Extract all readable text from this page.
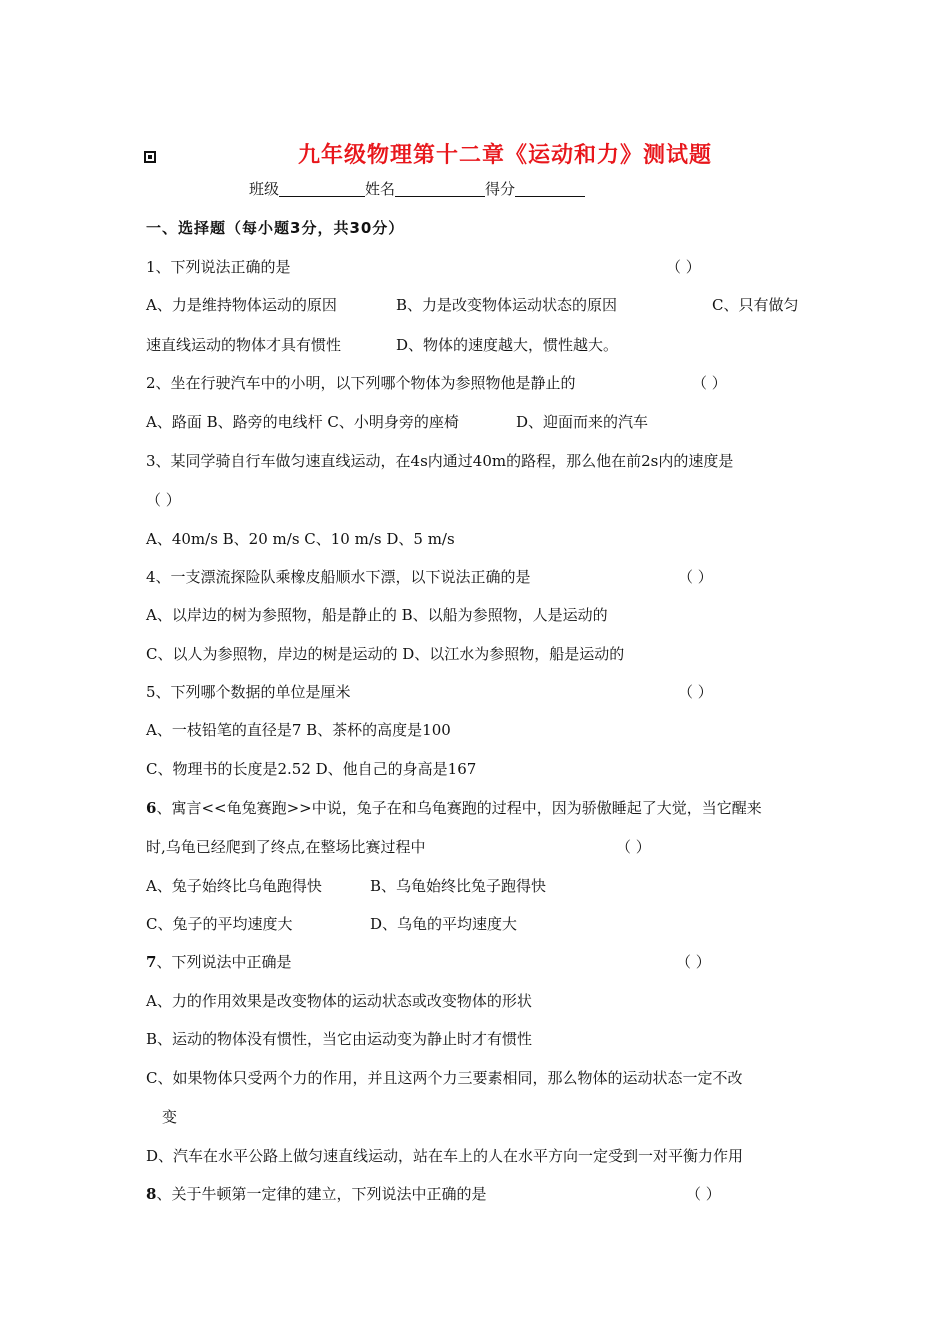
九年级物理第十二章《运动和力》测试题
班级	姓名	得分
一、选择题（每小题3分，共30分）
1、下列说法正确的是	（ ）
A、力是维持物体运动的原因	B、力是改变物体运动状态的原因	C、只有做匀
速直线运动的物体才具有惯性	D、物体的速度越大，惯性越大。
2、坐在行驶汽车中的小明，以下列哪个物体为参照物他是静止的	（ ）
A、路面 B、路旁的电线杆 C、小明身旁的座椅	D、迎面而来的汽车
3、某同学骑自行车做匀速直线运动，在4s内通过40m的路程，那么他在前2s内的速度是
（ ）
A、40m/s B、20 m/s C、10 m/s D、5 m/s
4、一支漂流探险队乘橡皮船顺水下漂，以下说法正确的是	（ ）
A、以岸边的树为参照物，船是静止的 B、以船为参照物，人是运动的
C、以人为参照物，岸边的树是运动的 D、以江水为参照物，船是运动的
5、下列哪个数据的单位是厘米	（ ）
A、一枝铅笔的直径是7 B、茶杯的高度是100
C、物理书的长度是2.52 D、他自己的身高是167
6、寓言<<龟兔赛跑>>中说，兔子在和乌龟赛跑的过程中，因为骄傲睡起了大觉，当它醒来
时,乌龟已经爬到了终点,在整场比赛过程中	（ ）
A、兔子始终比乌龟跑得快	B、乌龟始终比兔子跑得快
C、兔子的平均速度大	D、乌龟的平均速度大
7、下列说法中正确是	（ ）
A、力的作用效果是改变物体的运动状态或改变物体的形状
B、运动的物体没有惯性，当它由运动变为静止时才有惯性
C、如果物体只受两个力的作用，并且这两个力三要素相同，那么物体的运动状态一定不改
变
D、汽车在水平公路上做匀速直线运动，站在车上的人在水平方向一定受到一对平衡力作用
8、关于牛顿第一定律的建立，下列说法中正确的是	（ ）
